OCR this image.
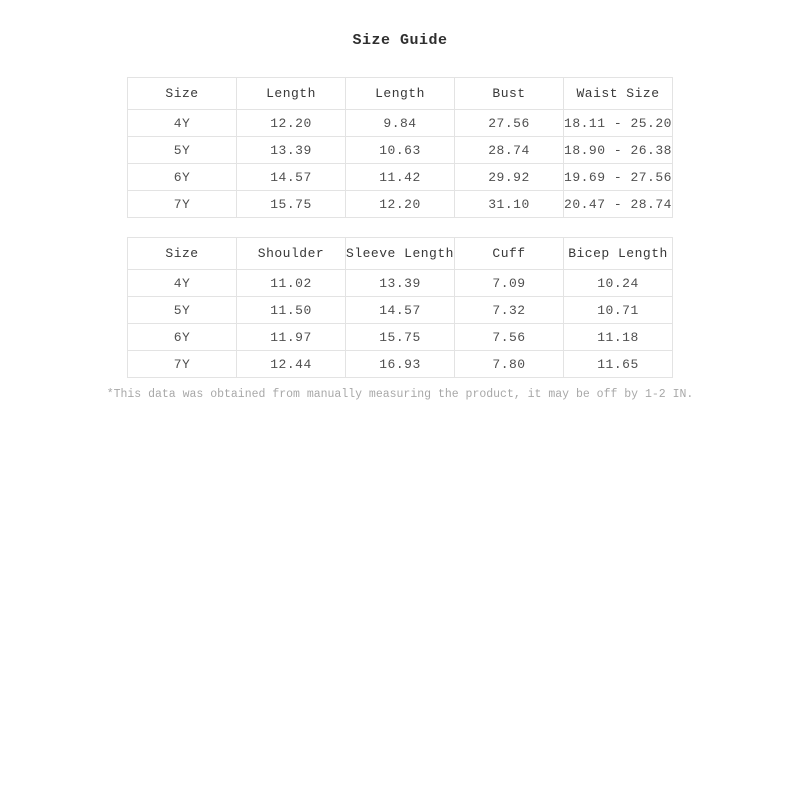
Size Guide
Size	Length	Length	Bust	Waist Size
4Y	12.20	9.84	27.56	18.11 - 25.20
5Y	13.39	10.63	28.74	18.90 - 26.38
6Y	14.57	11.42	29.92	19.69 - 27.56
7Y	15.75	12.20	31.10	20.47 - 28.74
Size	Shoulder	Sleeve Length	Cuff	Bicep Length
4Y	11.02	13.39	7.09	10.24
5Y	11.50	14.57	7.32	10.71
6Y	11.97	15.75	7.56	11.18
7Y	12.44	16.93	7.80	11.65

*This data was obtained from manually measuring the product, it may be off by 1-2 IN.
